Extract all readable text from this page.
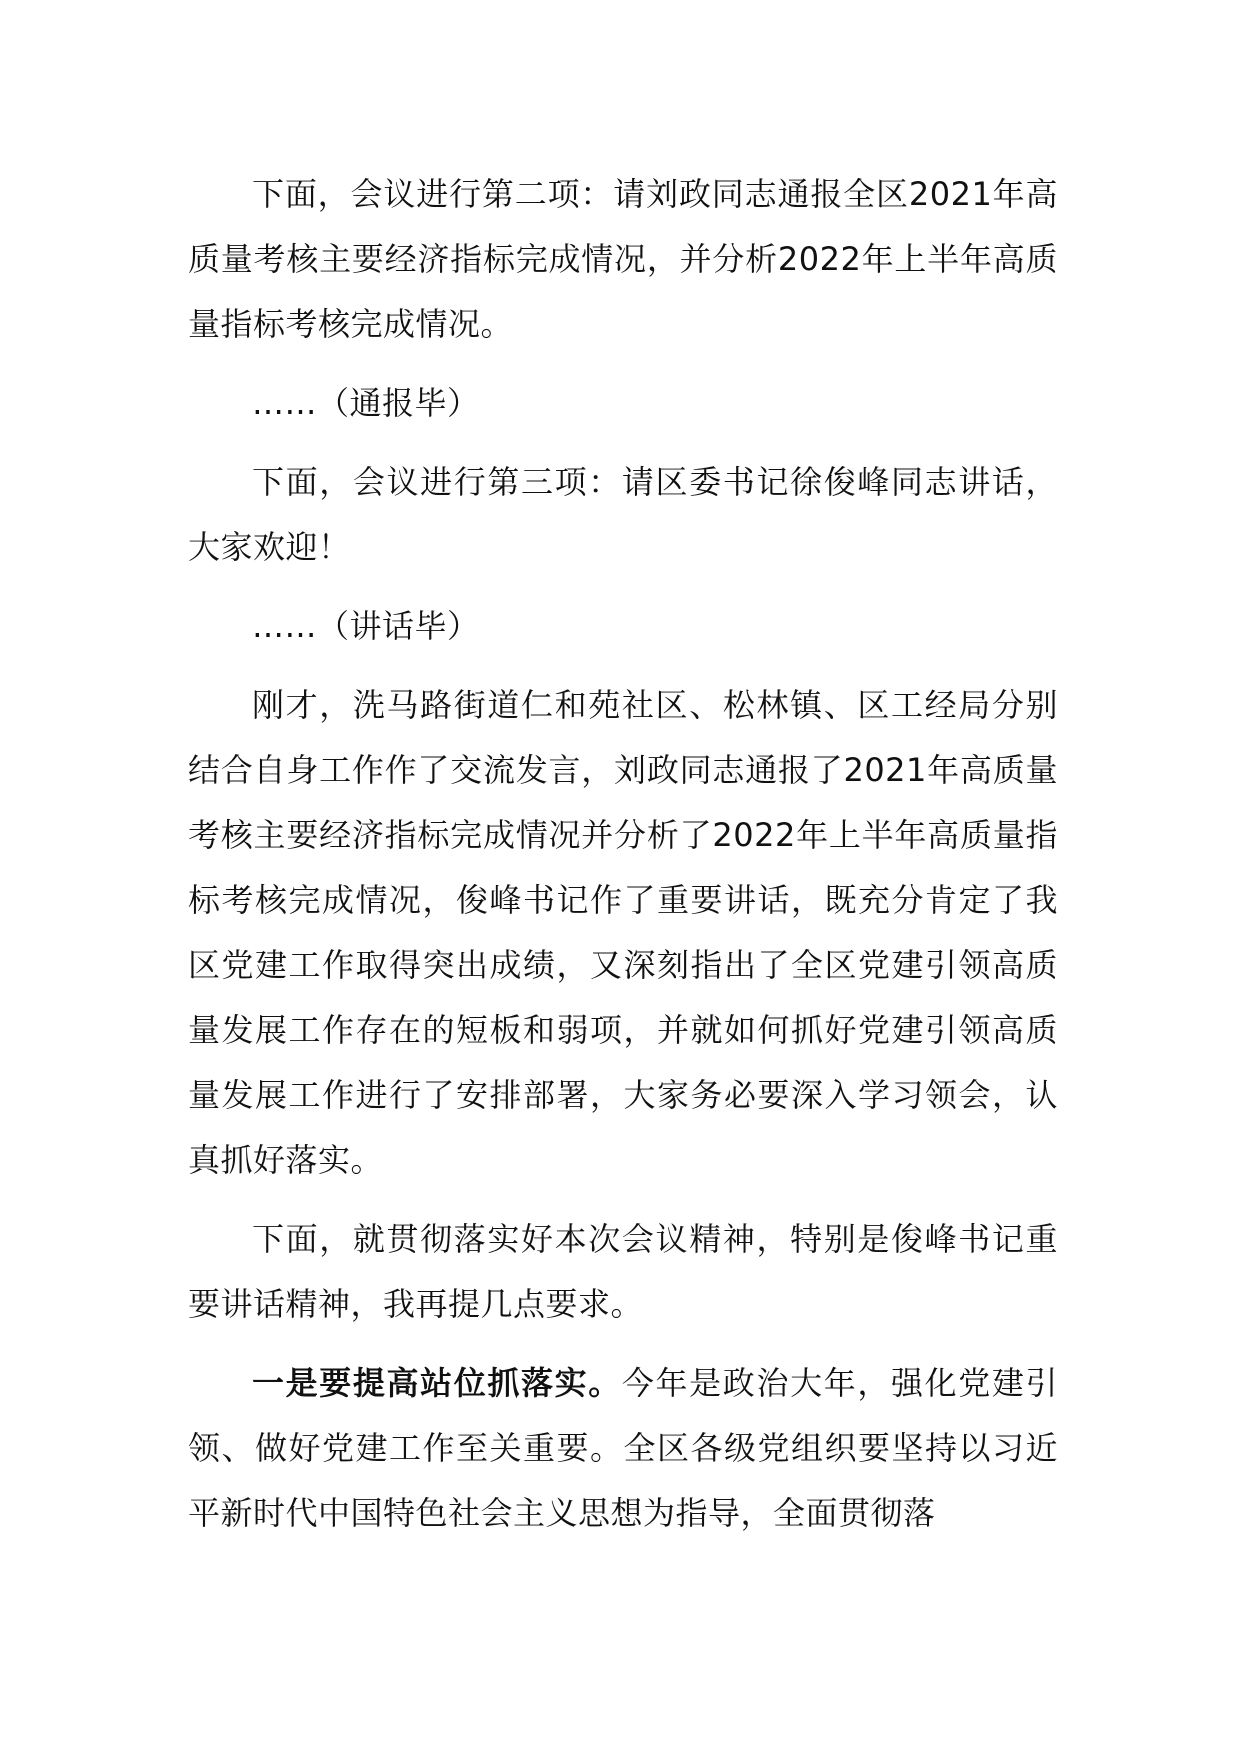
下面，会议进行第二项：请刘政同志通报全区2021年高质量考核主要经济指标完成情况，并分析2022年上半年高质量指标考核完成情况。

……（通报毕）

下面，会议进行第三项：请区委书记徐俊峰同志讲话，大家欢迎！

……（讲话毕）

刚才，洗马路街道仁和苑社区、松林镇、区工经局分别结合自身工作作了交流发言，刘政同志通报了2021年高质量考核主要经济指标完成情况并分析了2022年上半年高质量指标考核完成情况，俊峰书记作了重要讲话，既充分肯定了我区党建工作取得突出成绩，又深刻指出了全区党建引领高质量发展工作存在的短板和弱项，并就如何抓好党建引领高质量发展工作进行了安排部署，大家务必要深入学习领会，认真抓好落实。

下面，就贯彻落实好本次会议精神，特别是俊峰书记重要讲话精神，我再提几点要求。

一是要提高站位抓落实。今年是政治大年，强化党建引领、做好党建工作至关重要。全区各级党组织要坚持以习近平新时代中国特色社会主义思想为指导，全面贯彻落
